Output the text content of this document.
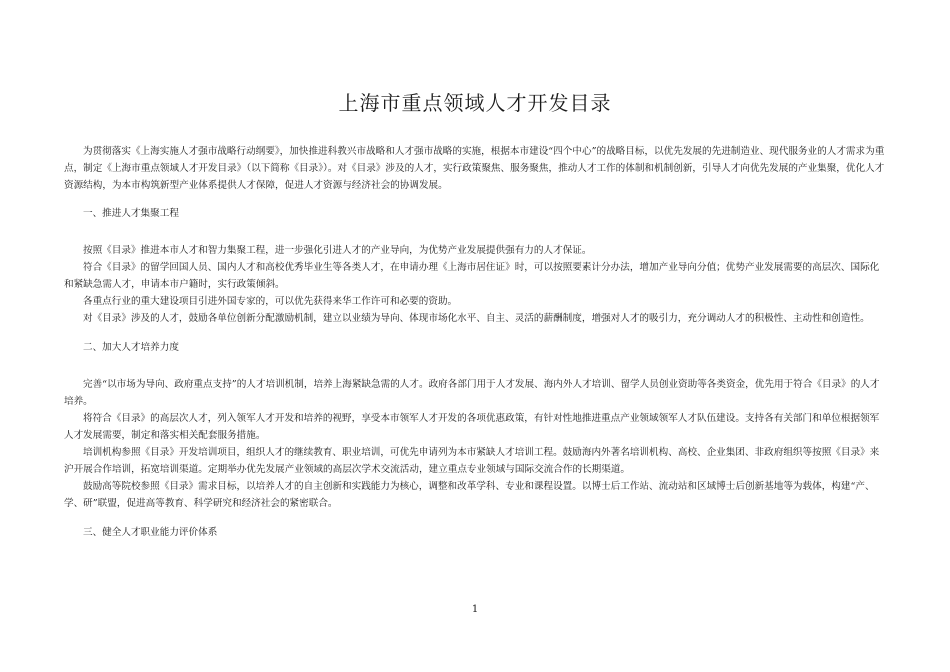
上海市重点领域人才开发目录

为贯彻落实《上海实施人才强市战略行动纲要》，加快推进科教兴市战略和人才强市战略的实施，根据本市建设“四个中心”的战略目标，以优先发展的先进制造业、现代服务业的人才需求为重点，制定《上海市重点领域人才开发目录》（以下简称《目录》）。对《目录》涉及的人才，实行政策聚焦、服务聚焦，推动人才工作的体制和机制创新，引导人才向优先发展的产业集聚，优化人才资源结构，为本市构筑新型产业体系提供人才保障，促进人才资源与经济社会的协调发展。

一、推进人才集聚工程

按照《目录》推进本市人才和智力集聚工程，进一步强化引进人才的产业导向，为优势产业发展提供强有力的人才保证。

符合《目录》的留学回国人员、国内人才和高校优秀毕业生等各类人才，在申请办理《上海市居住证》时，可以按照要素计分办法，增加产业导向分值；优势产业发展需要的高层次、国际化和紧缺急需人才，申请本市户籍时，实行政策倾斜。

各重点行业的重大建设项目引进外国专家的，可以优先获得来华工作许可和必要的资助。

对《目录》涉及的人才，鼓励各单位创新分配激励机制，建立以业绩为导向、体现市场化水平、自主、灵活的薪酬制度，增强对人才的吸引力，充分调动人才的积极性、主动性和创造性。

二、加大人才培养力度

完善“以市场为导向、政府重点支持”的人才培训机制，培养上海紧缺急需的人才。政府各部门用于人才发展、海内外人才培训、留学人员创业资助等各类资金，优先用于符合《目录》的人才培养。

将符合《目录》的高层次人才，列入领军人才开发和培养的视野，享受本市领军人才开发的各项优惠政策，有针对性地推进重点产业领域领军人才队伍建设。支持各有关部门和单位根据领军人才发展需要，制定和落实相关配套服务措施。

培训机构参照《目录》开发培训项目，组织人才的继续教育、职业培训，可优先申请列为本市紧缺人才培训工程。鼓励海内外著名培训机构、高校、企业集团、非政府组织等按照《目录》来沪开展合作培训，拓宽培训渠道。定期举办优先发展产业领域的高层次学术交流活动，建立重点专业领域与国际交流合作的长期渠道。

鼓励高等院校参照《目录》需求目标，以培养人才的自主创新和实践能力为核心，调整和改革学科、专业和课程设置。以博士后工作站、流动站和区域博士后创新基地等为载体，构建“产、学、研”联盟，促进高等教育、科学研究和经济社会的紧密联合。

三、健全人才职业能力评价体系

1
